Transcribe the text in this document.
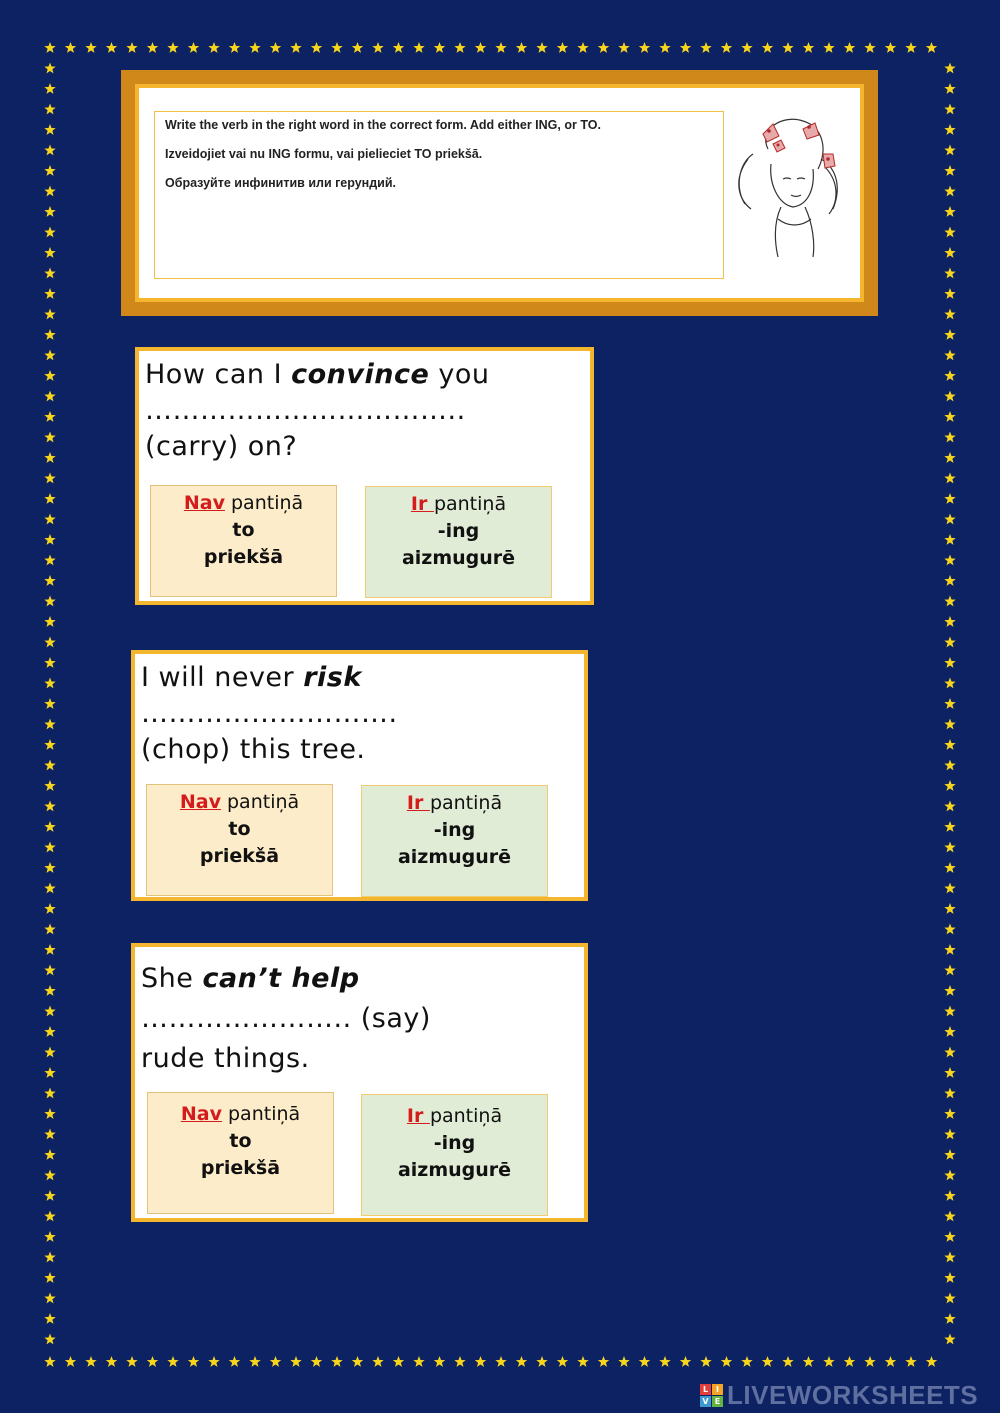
Write the verb in the right word in the correct form. Add either ING, or TO.

Izveidojiet vai nu ING formu, vai pielieciet TO priekšā.

Образуйте инфинитив или герундий.

How can I convince you
……………………………..
(carry) on?
Nav pantiņā
to
priekšā
Ir pantiņā
-ing
aizmugurē
I will never risk
……………………….
(chop) this tree.
Nav pantiņā
to
priekšā
Ir pantiņā
-ing
aizmugurē
She can’t help
………………….. (say)
rude things.
Nav pantiņā
to
priekšā
Ir pantiņā
-ing
aizmugurē
L I
V E LIVEWORKSHEETS
